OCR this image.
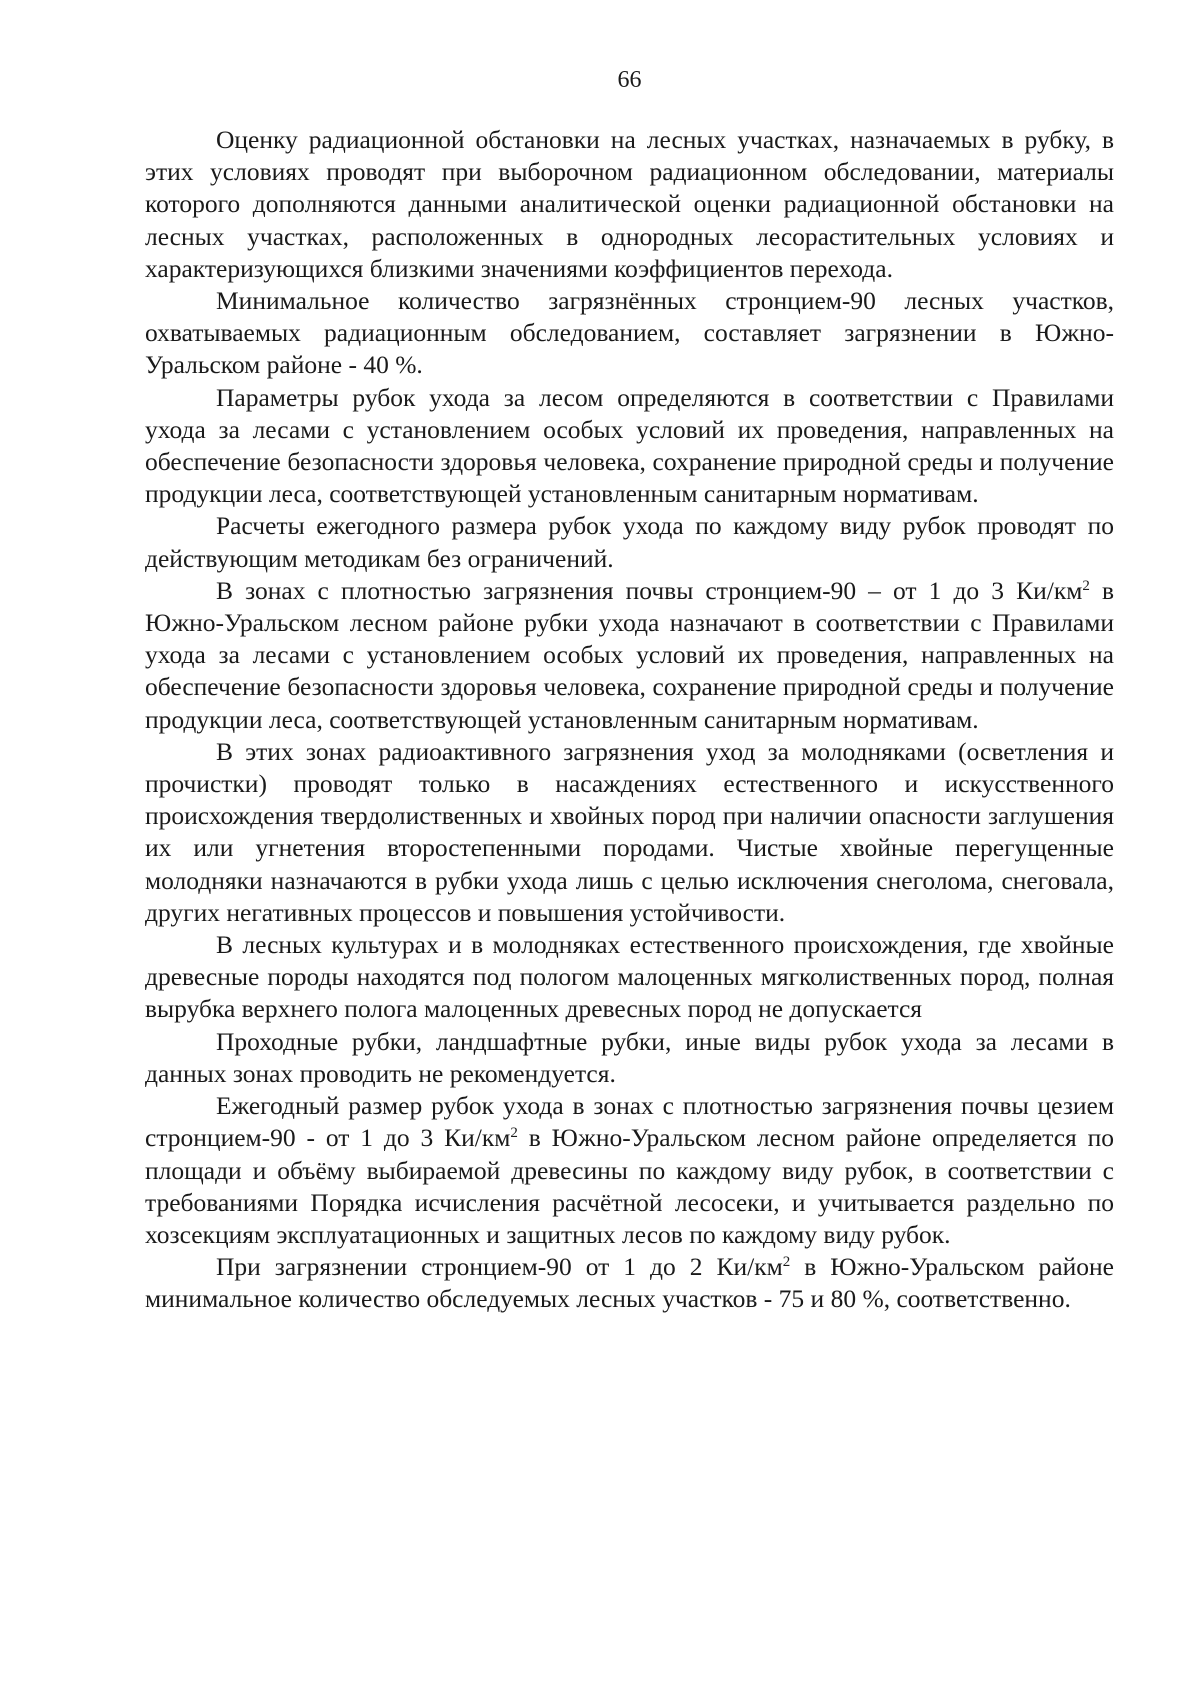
66

Оценку радиационной обстановки на лесных участках, назначаемых в рубку, в этих условиях проводят при выборочном радиационном обследовании, материалы которого дополняются данными аналитической оценки радиационной обстановки на лесных участках, расположенных в однородных лесорастительных условиях и характеризующихся близкими значениями коэффициентов перехода.

Минимальное количество загрязнённых стронцием-90 лесных участков, охватываемых радиационным обследованием, составляет загрязнении в Южно-Уральском районе - 40 %.

Параметры рубок ухода за лесом определяются в соответствии с Правилами ухода за лесами с установлением особых условий их проведения, направленных на обеспечение безопасности здоровья человека, сохранение природной среды и получение продукции леса, соответствующей установленным санитарным нормативам.

Расчеты ежегодного размера рубок ухода по каждому виду рубок проводят по действующим методикам без ограничений.

В зонах с плотностью загрязнения почвы стронцием-90 – от 1 до 3 $Ки/км^2$ в Южно-Уральском лесном районе рубки ухода назначают в соответствии с Правилами ухода за лесами с установлением особых условий их проведения, направленных на обеспечение безопасности здоровья человека, сохранение природной среды и получение продукции леса, соответствующей установленным санитарным нормативам.

В этих зонах радиоактивного загрязнения уход за молодняками (осветления и прочистки) проводят только в насаждениях естественного и искусственного происхождения твердолиственных и хвойных пород при наличии опасности заглушения их или угнетения второстепенными породами. Чистые хвойные перегущенные молодняки назначаются в рубки ухода лишь с целью исключения снеголома, снеговала, других негативных процессов и повышения устойчивости.

В лесных культурах и в молодняках естественного происхождения, где хвойные древесные породы находятся под пологом малоценных мягколиственных пород, полная вырубка верхнего полога малоценных древесных пород не допускается

Проходные рубки, ландшафтные рубки, иные виды рубок ухода за лесами в данных зонах проводить не рекомендуется.

Ежегодный размер рубок ухода в зонах с плотностью загрязнения почвы цезием стронцием-90 - от 1 до 3 $Ки/км^2$ в Южно-Уральском лесном районе определяется по площади и объёму выбираемой древесины по каждому виду рубок, в соответствии с требованиями Порядка исчисления расчётной лесосеки, и учитывается раздельно по хозсекциям эксплуатационных и защитных лесов по каждому виду рубок.

При загрязнении стронцием-90 от 1 до 2 $Ки/км^2$ в Южно-Уральском районе минимальное количество обследуемых лесных участков - 75 и 80 %, соответственно.
